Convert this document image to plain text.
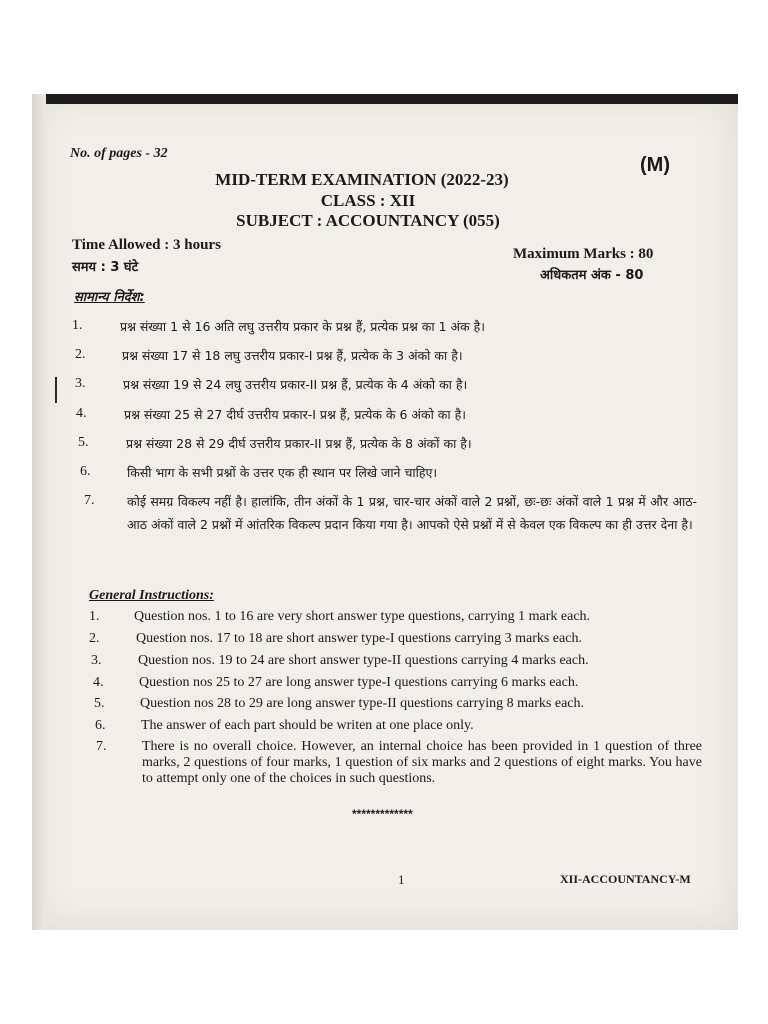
No. of pages - 32
(M)
MID-TERM EXAMINATION (2022-23)
CLASS : XII
SUBJECT : ACCOUNTANCY (055)
Time Allowed : 3 hours
समय : 3 घंटे
Maximum Marks : 80
अधिकतम अंक - 80
सामान्य निर्देश:
1.	प्रश्न संख्या 1 से 16 अति लघु उत्तरीय प्रकार के प्रश्न हैं, प्रत्येक प्रश्न का 1 अंक है।
2.	प्रश्न संख्या 17 से 18 लघु उत्तरीय प्रकार-I प्रश्न हैं, प्रत्येक के 3 अंको का है।
3.	प्रश्न संख्या 19 से 24 लघु उत्तरीय प्रकार-II प्रश्न हैं, प्रत्येक के 4 अंको का है।
4.	प्रश्न संख्या 25 से 27 दीर्घ उत्तरीय प्रकार-I प्रश्न हैं, प्रत्येक के 6 अंको का है।
5.	प्रश्न संख्या 28 से 29 दीर्घ उत्तरीय प्रकार-II प्रश्न हैं, प्रत्येक के 8 अंकों का है।
6.	किसी भाग के सभी प्रश्नों के उत्तर एक ही स्थान पर लिखे जाने चाहिए।
7.	कोई समग्र विकल्प नहीं है। हालांकि, तीन अंकों के 1 प्रश्न, चार-चार अंकों वाले 2 प्रश्नों, छः-छः अंकों वाले 1 प्रश्न में और आठ-आठ अंकों वाले 2 प्रश्नों में आंतरिक विकल्प प्रदान किया गया है। आपको ऐसे प्रश्नों में से केवल एक विकल्प का ही उत्तर देना है।
General Instructions:
1. Question nos. 1 to 16 are very short answer type questions, carrying 1 mark each.
2.	Question nos. 17 to 18 are short answer type-I questions carrying 3 marks each.
3.	Question nos. 19 to 24 are short answer type-II questions carrying 4 marks each.
4.	Question nos 25 to 27 are long answer type-I questions carrying 6 marks each.
5.	Question nos 28 to 29 are long answer type-II questions carrying 8 marks each.
6.	The answer of each part should be writen at one place only.
7.	There is no overall choice. However, an internal choice has been provided in 1 question of three marks, 2 questions of four marks, 1 question of six marks and 2 questions of eight marks. You have to attempt only one of the choices in such questions.
*************
1	XII-ACCOUNTANCY-M
